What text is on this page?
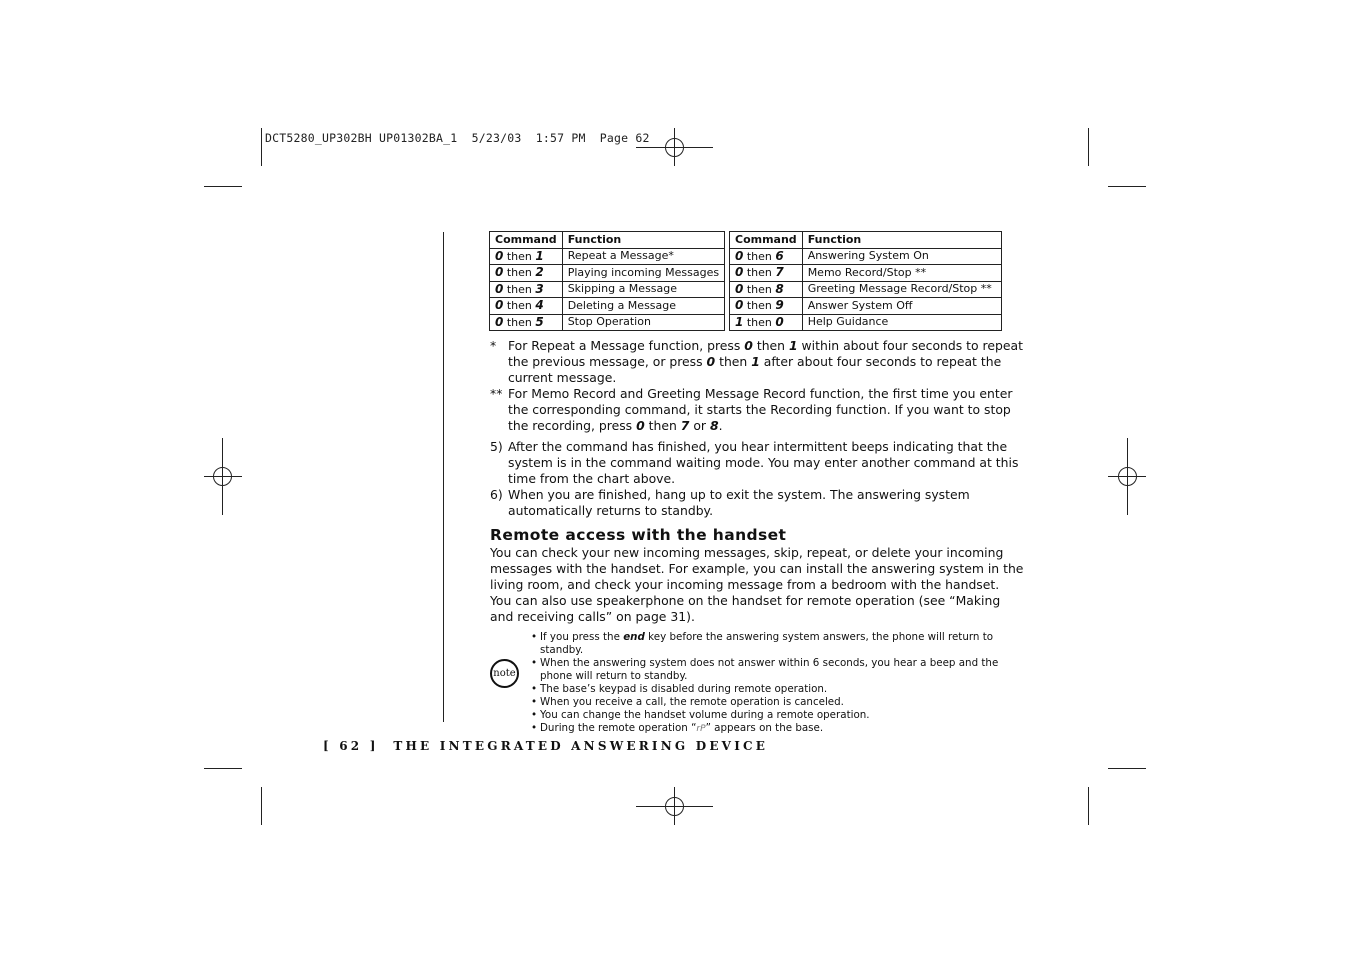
DCT5280_UP302BH UP01302BA_1  5/23/03  1:57 PM  Page 62
Command	Function
0 then 1	Repeat a Message*
0 then 2	Playing incoming Messages
0 then 3	Skipping a Message
0 then 4	Deleting a Message
0 then 5	Stop Operation
Command	Function
0 then 6	Answering System On
0 then 7	Memo Record/Stop **
0 then 8	Greeting Message Record/Stop **
0 then 9	Answer System Off
1 then 0	Help Guidance
* For Repeat a Message function, press 0 then 1 within about four seconds to repeat the previous message, or press 0 then 1 after about four seconds to repeat the current message.
** For Memo Record and Greeting Message Record function, the first time you enter the corresponding command, it starts the Recording function. If you want to stop the recording, press 0 then 7 or 8.
5) After the command has finished, you hear intermittent beeps indicating that the system is in the command waiting mode. You may enter another command at this time from the chart above.
6) When you are finished, hang up to exit the system. The answering system automatically returns to standby.
Remote access with the handset
You can check your new incoming messages, skip, repeat, or delete your incoming messages with the handset. For example, you can install the answering system in the living room, and check your incoming message from a bedroom with the handset.
You can also use speakerphone on the handset for remote operation (see “Making and receiving calls” on page 31).
note
• If you press the end key before the answering system answers, the phone will return to standby.
• When the answering system does not answer within 6 seconds, you hear a beep and the phone will return to standby.
• The base’s keypad is disabled during remote operation.
• When you receive a call, the remote operation is canceled.
• You can change the handset volume during a remote operation.
• During the remote operation “rP” appears on the base.
[ 62 ] THE INTEGRATED ANSWERING DEVICE
